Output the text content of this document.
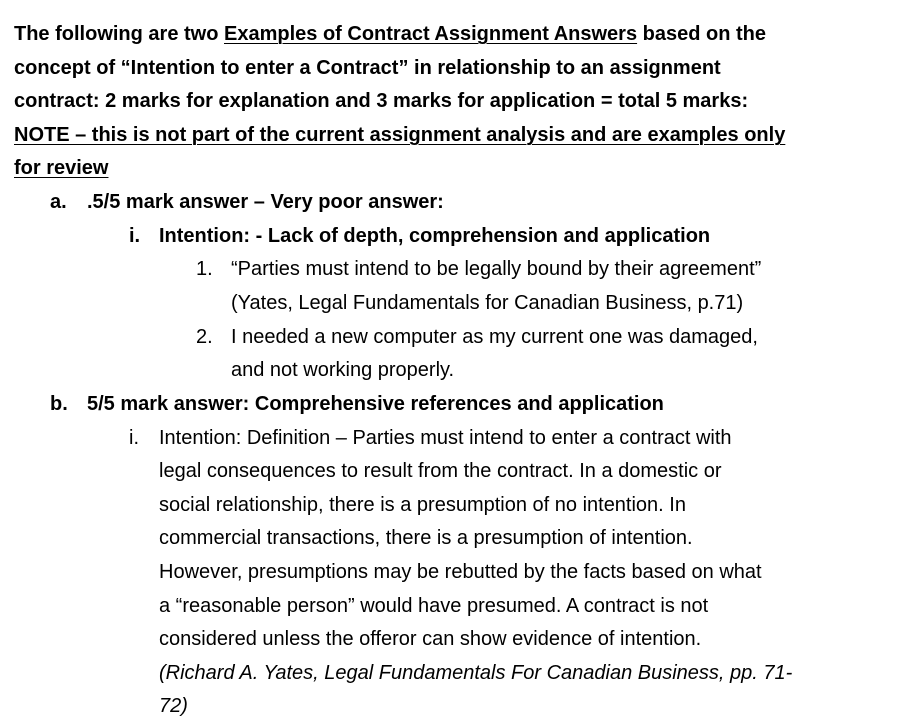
The following are two Examples of Contract Assignment Answers based on the
concept of “Intention to enter a Contract” in relationship to an assignment
contract: 2 marks for explanation and 3 marks for application = total 5 marks:
NOTE – this is not part of the current assignment analysis and are examples only
for review
a. .5/5 mark answer – Very poor answer:
i. Intention: - Lack of depth, comprehension and application
1. “Parties must intend to be legally bound by their agreement”
(Yates, Legal Fundamentals for Canadian Business, p.71)
2. I needed a new computer as my current one was damaged,
and not working properly.
b. 5/5 mark answer: Comprehensive references and application
i. Intention: Definition – Parties must intend to enter a contract with
legal consequences to result from the contract. In a domestic or
social relationship, there is a presumption of no intention. In
commercial transactions, there is a presumption of intention.
However, presumptions may be rebutted by the facts based on what
a “reasonable person” would have presumed. A contract is not
considered unless the offeror can show evidence of intention.
(Richard A. Yates, Legal Fundamentals For Canadian Business, pp. 71-
72)
